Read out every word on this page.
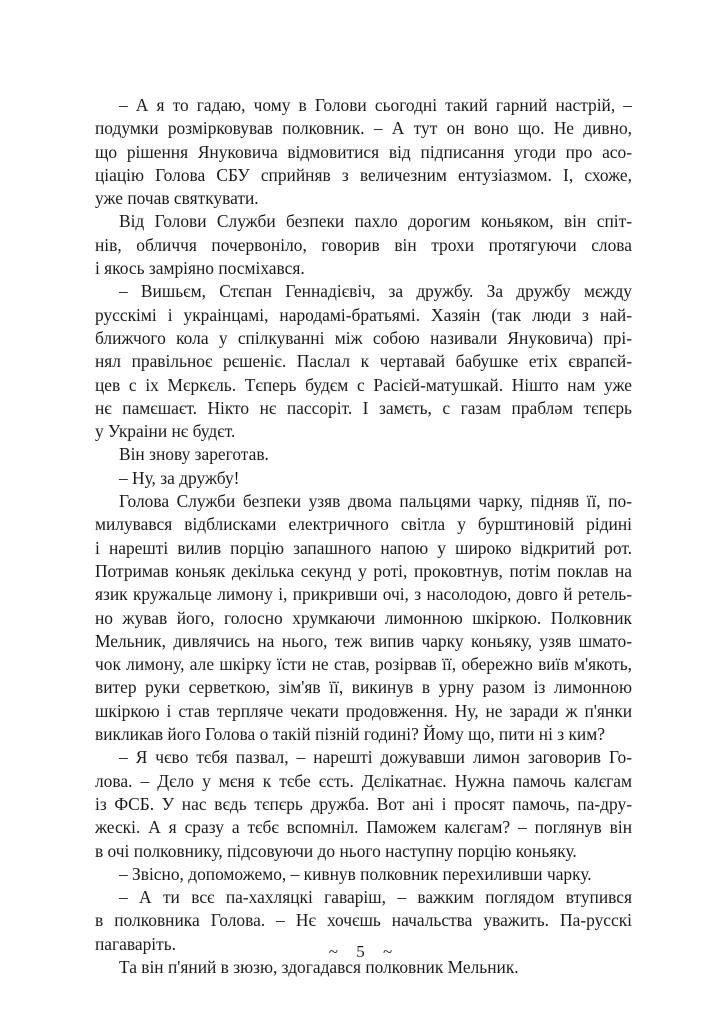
– А я то гадаю, чому в Голови сьогодні такий гарний настрій, –
подумки розмірковував полковник. – А тут он воно що. Не дивно,
що рішення Януковича відмовитися від підписання угоди про асо-
ціацію Голова СБУ сприйняв з величезним ентузіазмом. І, схоже,
уже почав святкувати.
Від Голови Служби безпеки пахло дорогим коньяком, він спіт-
нів, обличчя почервоніло, говорив він трохи протягуючи слова
і якось замріяно посміхався.
– Вишьєм, Стєпан Геннадієвіч, за дружбу. За дружбу мєжду
русскімі і украінцамі, народамі-братьямі. Хазяін (так люди з най-
ближчого кола у спілкуванні між собою називали Януковича) прі-
нял правільноє рєшеніє. Паслал к чертавай бабушке етіх єврапєй-
цев с іх Мєркєль. Тєперь будєм с Расієй-матушкай. Нішто нам уже
нє памєшаєт. Нікто нє пассоріт. І замєть, с газам прабләм тєпєрь
у Украіни нє будєт.
Він знову зареготав.
– Ну, за дружбу!
Голова Служби безпеки узяв двома пальцями чарку, підняв її, по-
милувався відблисками електричного світла у бурштиновій рідині
і нарешті вилив порцію запашного напою у широко відкритий рот.
Потримав коньяк декілька секунд у роті, проковтнув, потім поклав на
язик кружальце лимону і, прикривши очі, з насолодою, довго й ретель-
но жував його, голосно хрумкаючи лимонною шкіркою. Полковник
Мельник, дивлячись на нього, теж випив чарку коньяку, узяв шмато-
чок лимону, але шкірку їсти не став, розірвав її, обережно виїв м'якоть,
витер руки серветкою, зім'яв її, викинув в урну разом із лимонною
шкіркою і став терпляче чекати продовження. Ну, не заради ж п'янки
викликав його Голова о такій пізній годині? Йому що, пити ні з ким?
– Я чєво тєбя пазвал, – нарешті дожувавши лимон заговорив Го-
лова. – Дєло у мєня к тєбе єсть. Дєлікатнає. Нужна памочь калєгам
із ФСБ. У нас вєдь тєпєрь дружба. Вот ані і просят памочь, па-дру-
жескі. А я сразу а тєбє вспомніл. Паможем калєгам? – поглянув він
в очі полковнику, підсовуючи до нього наступну порцію коньяку.
– Звісно, допоможемо, – кивнув полковник перехиливши чарку.
– А ти всє па-хахляцкі гаваріш, – важким поглядом втупився
в полковника Голова. – Нє хочєшь начальства уважить. Па-русскі
пагаваріть.
Та він п'яний в зюзю, здогадався полковник Мельник.
~ 5 ~
